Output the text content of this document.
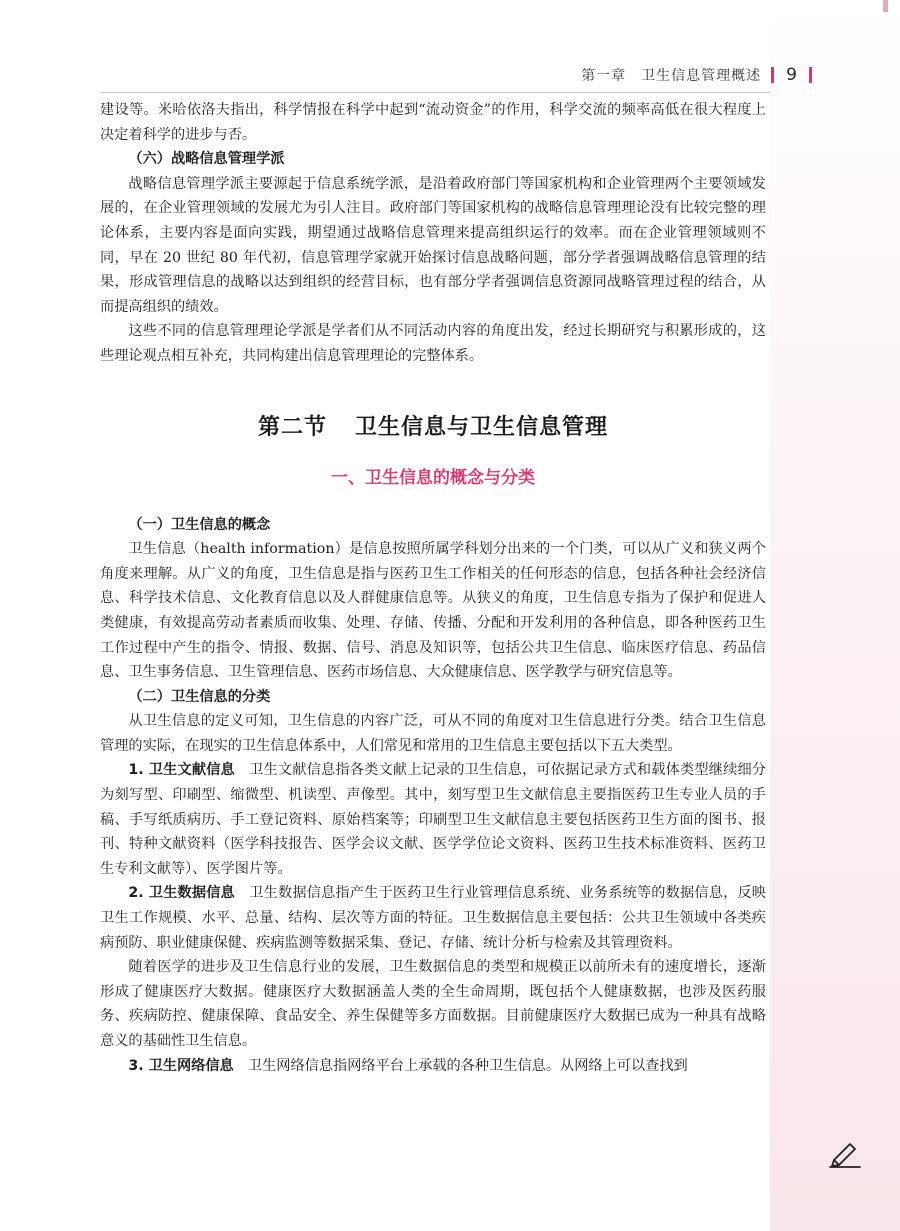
第一章　卫生信息管理概述 9

建设等。米哈依洛夫指出，科学情报在科学中起到“流动资金”的作用，科学交流的频率高低在很大程度上决定着科学的进步与否。

（六）战略信息管理学派

战略信息管理学派主要源起于信息系统学派，是沿着政府部门等国家机构和企业管理两个主要领域发展的，在企业管理领域的发展尤为引人注目。政府部门等国家机构的战略信息管理理论没有比较完整的理论体系，主要内容是面向实践，期望通过战略信息管理来提高组织运行的效率。而在企业管理领域则不同，早在 20 世纪 80 年代初，信息管理学家就开始探讨信息战略问题，部分学者强调战略信息管理的结果，形成管理信息的战略以达到组织的经营目标，也有部分学者强调信息资源同战略管理过程的结合，从而提高组织的绩效。

这些不同的信息管理理论学派是学者们从不同活动内容的角度出发，经过长期研究与积累形成的，这些理论观点相互补充，共同构建出信息管理理论的完整体系。

第二节 卫生信息与卫生信息管理
一、卫生信息的概念与分类
（一）卫生信息的概念

卫生信息（health information）是信息按照所属学科划分出来的一个门类，可以从广义和狭义两个角度来理解。从广义的角度，卫生信息是指与医药卫生工作相关的任何形态的信息，包括各种社会经济信息、科学技术信息、文化教育信息以及人群健康信息等。从狭义的角度，卫生信息专指为了保护和促进人类健康，有效提高劳动者素质而收集、处理、存储、传播、分配和开发利用的各种信息，即各种医药卫生工作过程中产生的指令、情报、数据、信号、消息及知识等，包括公共卫生信息、临床医疗信息、药品信息、卫生事务信息、卫生管理信息、医药市场信息、大众健康信息、医学教学与研究信息等。

（二）卫生信息的分类

从卫生信息的定义可知，卫生信息的内容广泛，可从不同的角度对卫生信息进行分类。结合卫生信息管理的实际，在现实的卫生信息体系中，人们常见和常用的卫生信息主要包括以下五大类型。

1. 卫生文献信息　 卫生文献信息指各类文献上记录的卫生信息，可依据记录方式和载体类型继续细分为刻写型、印刷型、缩微型、机读型、声像型。其中，刻写型卫生文献信息主要指医药卫生专业人员的手稿、手写纸质病历、手工登记资料、原始档案等；印刷型卫生文献信息主要包括医药卫生方面的图书、报刊、特种文献资料（医学科技报告、医学会议文献、医学学位论文资料、医药卫生技术标准资料、医药卫生专利文献等）、医学图片等。

2. 卫生数据信息　 卫生数据信息指产生于医药卫生行业管理信息系统、业务系统等的数据信息，反映卫生工作规模、水平、总量、结构、层次等方面的特征。卫生数据信息主要包括：公共卫生领域中各类疾病预防、职业健康保健、疾病监测等数据采集、登记、存储、统计分析与检索及其管理资料。

随着医学的进步及卫生信息行业的发展，卫生数据信息的类型和规模正以前所未有的速度增长，逐渐形成了健康医疗大数据。健康医疗大数据涵盖人类的全生命周期，既包括个人健康数据，也涉及医药服务、疾病防控、健康保障、食品安全、养生保健等多方面数据。目前健康医疗大数据已成为一种具有战略意义的基础性卫生信息。

3. 卫生网络信息　 卫生网络信息指网络平台上承载的各种卫生信息。从网络上可以查找到
